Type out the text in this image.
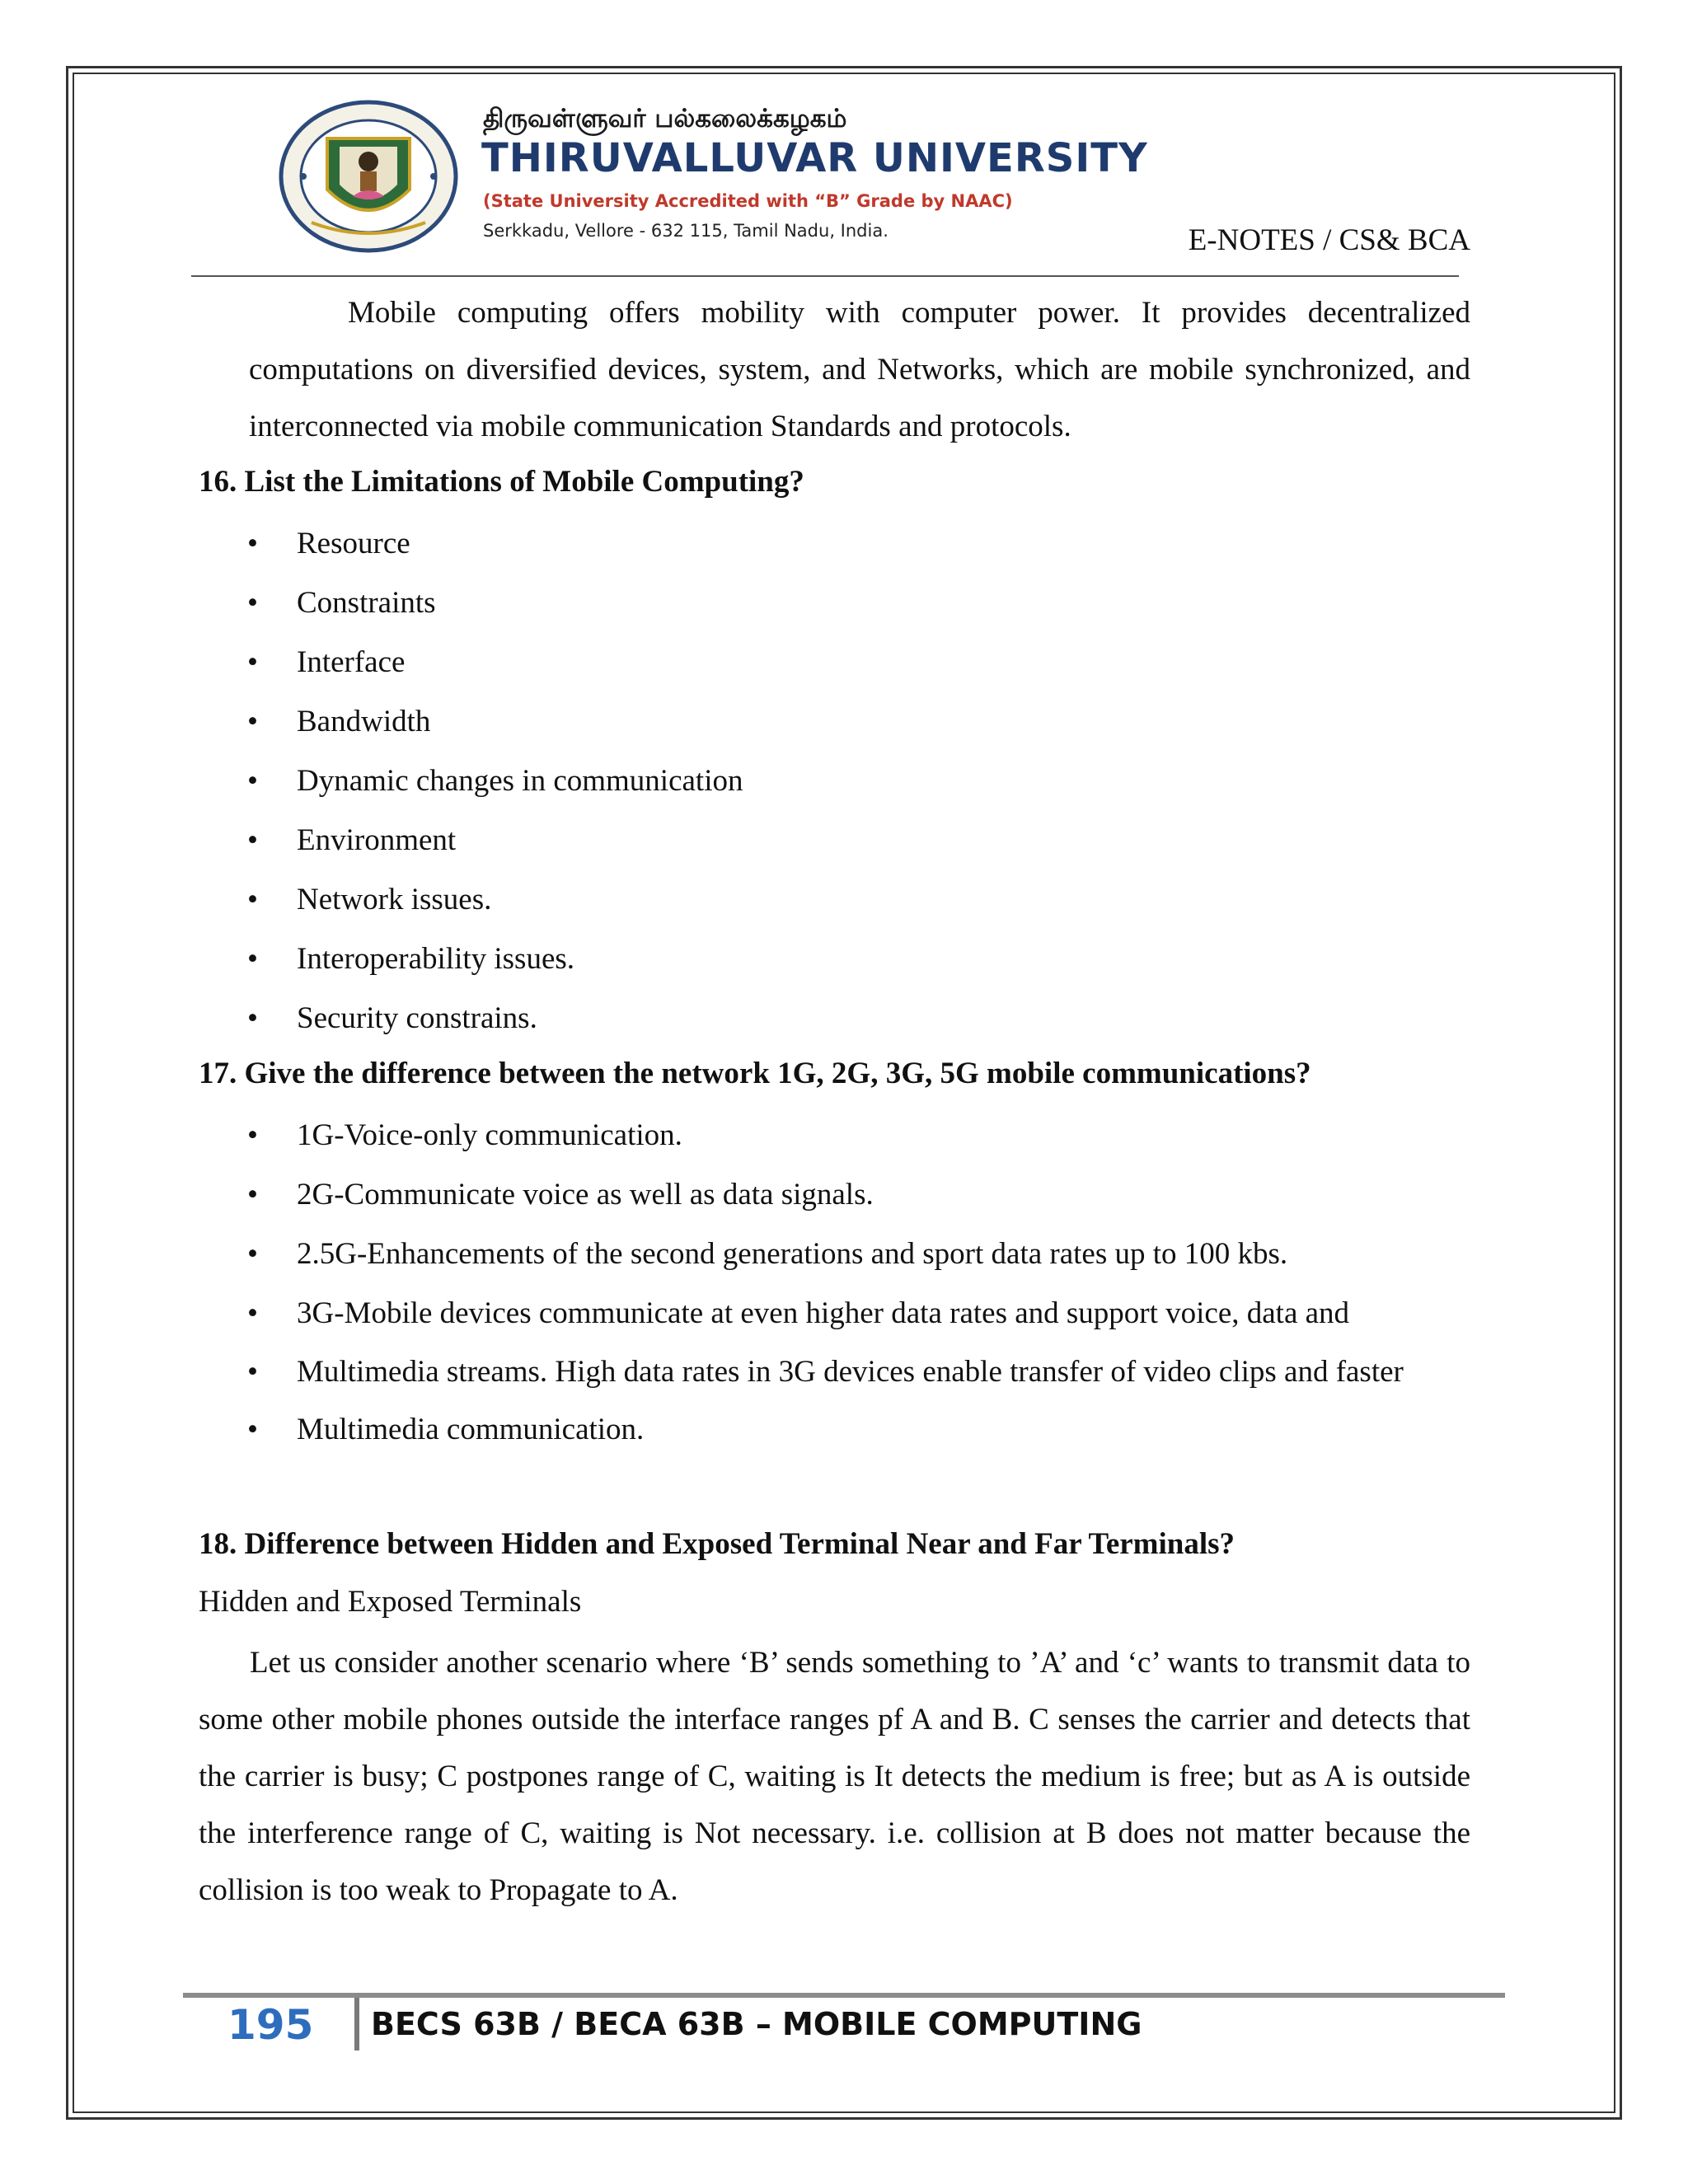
திருவள்ளுவர் பல்கலைக்கழகம்
THIRUVALLUVAR UNIVERSITY
(State University Accredited with “B” Grade by NAAC)
Serkkadu, Vellore - 632 115, Tamil Nadu, India.	E-NOTES / CS& BCA
Mobile computing offers mobility with computer power. It provides decentralized computations on diversified devices, system, and Networks, which are mobile synchronized, and interconnected via mobile communication Standards and protocols.
16. List the Limitations of Mobile Computing?
• Resource
• Constraints
• Interface
• Bandwidth
• Dynamic changes in communication
• Environment
• Network issues.
• Interoperability issues.
• Security constrains.
17. Give the difference between the network 1G, 2G, 3G, 5G mobile communications?
• 1G-Voice-only communication.
• 2G-Communicate voice as well as data signals.
• 2.5G-Enhancements of the second generations and sport data rates up to 100 kbs.
• 3G-Mobile devices communicate at even higher data rates and support voice, data and
• Multimedia streams. High data rates in 3G devices enable transfer of video clips and faster
• Multimedia communication.
18. Difference between Hidden and Exposed Terminal Near and Far Terminals?
Hidden and Exposed Terminals
Let us consider another scenario where ‘B’ sends something to ’A’ and ‘c’ wants to transmit data to some other mobile phones outside the interface ranges pf A and B. C senses the carrier and detects that the carrier is busy; C postpones range of C, waiting is It detects the medium is free; but as A is outside the interference range of C, waiting is Not necessary. i.e. collision at B does not matter because the collision is too weak to Propagate to A.
195 BECS 63B / BECA 63B – MOBILE COMPUTING
